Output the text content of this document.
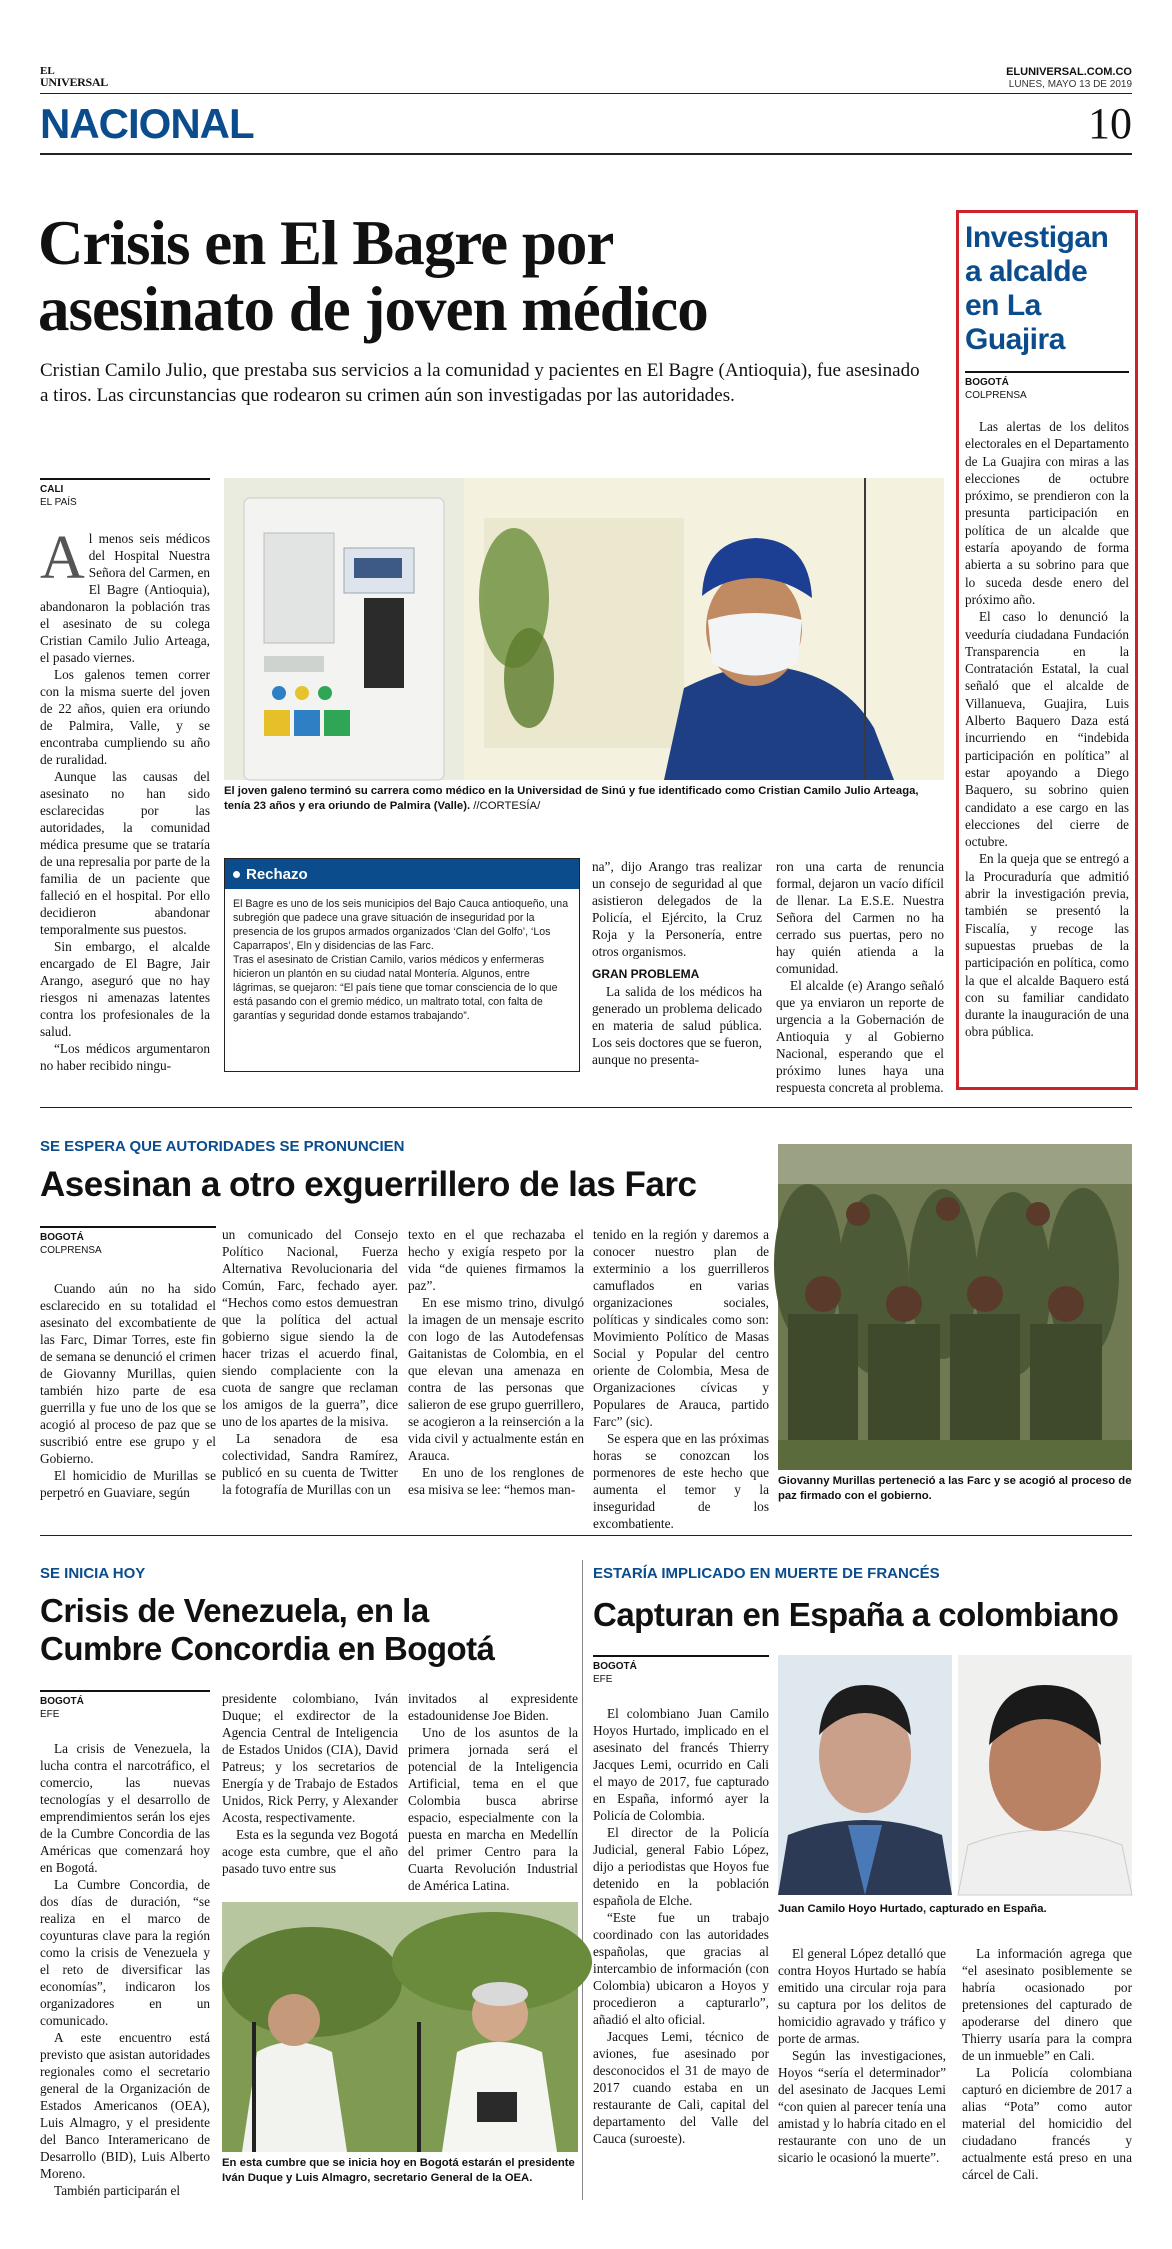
EL
UNIVERSAL
ELUNIVERSAL.COM.CO
LUNES, MAYO 13 DE 2019
NACIONAL	10
Crisis en El Bagre por
asesinato de joven médico

Cristian Camilo Julio, que prestaba sus servicios a la comunidad y pacientes en El Bagre (Antioquia), fue asesinado a tiros. Las circunstancias que rodearon su crimen aún son investigadas por las autoridades.

CALI
EL PAÍS
A l menos seis médicos del Hospital Nuestra Señora del Carmen, en El Bagre (Antioquia), abandonaron la población tras el asesinato de su colega Cristian Camilo Julio Arteaga, el pasado viernes.

Los galenos temen correr con la misma suerte del joven de 22 años, quien era oriundo de Palmira, Valle, y se encontraba cumpliendo su año de ruralidad.

Aunque las causas del asesinato no han sido esclarecidas por las autoridades, la comunidad médica presume que se trataría de una represalia por parte de la familia de un paciente que falleció en el hospital. Por ello decidieron abandonar temporalmente sus puestos.

Sin embargo, el alcalde encargado de El Bagre, Jair Arango, aseguró que no hay riesgos ni amenazas latentes contra los profesionales de la salud.

“Los médicos argumentaron no haber recibido ningu-

El joven galeno terminó su carrera como médico en la Universidad de Sinú y fue identificado como Cristian Camilo Julio Arteaga, tenía 23 años y era oriundo de Palmira (Valle). //CORTESÍA/
Rechazo

El Bagre es uno de los seis municipios del Bajo Cauca antioqueño, una subregión que padece una grave situación de inseguridad por la presencia de los grupos armados organizados ‘Clan del Golfo’, ‘Los Caparrapos’, Eln y disidencias de las Farc.

Tras el asesinato de Cristian Camilo, varios médicos y enfermeras hicieron un plantón en su ciudad natal Montería. Algunos, entre lágrimas, se quejaron: “El país tiene que tomar consciencia de lo que está pasando con el gremio médico, un maltrato total, con falta de garantías y seguridad donde estamos trabajando”.

na”, dijo Arango tras realizar un consejo de seguridad al que asistieron delegados de la Policía, el Ejército, la Cruz Roja y la Personería, entre otros organismos.

GRAN PROBLEMA

La salida de los médicos ha generado un problema delicado en materia de salud pública. Los seis doctores que se fueron, aunque no presenta-

ron una carta de renuncia formal, dejaron un vacío difícil de llenar. La E.S.E. Nuestra Señora del Carmen no ha cerrado sus puertas, pero no hay quién atienda a la comunidad.

El alcalde (e) Arango señaló que ya enviaron un reporte de urgencia a la Gobernación de Antioquia y al Gobierno Nacional, esperando que el próximo lunes haya una respuesta concreta al problema.

Investigan a alcalde en La Guajira
BOGOTÁ
COLPRENSA

Las alertas de los delitos electorales en el Departamento de La Guajira con miras a las elecciones de octubre próximo, se prendieron con la presunta participación en política de un alcalde que estaría apoyando de forma abierta a su sobrino para que lo suceda desde enero del próximo año.

El caso lo denunció la veeduría ciudadana Fundación Transparencia en la Contratación Estatal, la cual señaló que el alcalde de Villanueva, Guajira, Luis Alberto Baquero Daza está incurriendo en “indebida participación en política” al estar apoyando a Diego Baquero, su sobrino quien candidato a ese cargo en las elecciones del cierre de octubre.

En la queja que se entregó a la Procuraduría que admitió abrir la investigación previa, también se presentó la Fiscalía, y recoge las supuestas pruebas de la participación en política, como la que el alcalde Baquero está con su familiar candidato durante la inauguración de una obra pública.

SE ESPERA QUE AUTORIDADES SE PRONUNCIEN
Asesinan a otro exguerrillero de las Farc
BOGOTÁ
COLPRENSA

Cuando aún no ha sido esclarecido en su totalidad el asesinato del excombatiente de las Farc, Dimar Torres, este fin de semana se denunció el crimen de Giovanny Murillas, quien también hizo parte de esa guerrilla y fue uno de los que se acogió al proceso de paz que se suscribió entre ese grupo y el Gobierno.

El homicidio de Murillas se perpetró en Guaviare, según

un comunicado del Consejo Político Nacional, Fuerza Alternativa Revolucionaria del Común, Farc, fechado ayer. “Hechos como estos demuestran que la política del actual gobierno sigue siendo la de hacer trizas el acuerdo final, siendo complaciente con la cuota de sangre que reclaman los amigos de la guerra”, dice uno de los apartes de la misiva.

La senadora de esa colectividad, Sandra Ramírez, publicó en su cuenta de Twitter la fotografía de Murillas con un

texto en el que rechazaba el hecho y exigía respeto por la vida “de quienes firmamos la paz”.

En ese mismo trino, divulgó la imagen de un mensaje escrito con logo de las Autodefensas Gaitanistas de Colombia, en el que elevan una amenaza en contra de las personas que salieron de ese grupo guerrillero, se acogieron a la reinserción a la vida civil y actualmente están en Arauca.

En uno de los renglones de esa misiva se lee: “hemos man-

tenido en la región y daremos a conocer nuestro plan de exterminio a los guerrilleros camuflados en varias organizaciones sociales, políticas y sindicales como son: Movimiento Político de Masas Social y Popular del centro oriente de Colombia, Mesa de Organizaciones cívicas y Populares de Arauca, partido Farc” (sic).

Se espera que en las próximas horas se conozcan los pormenores de este hecho que aumenta el temor y la inseguridad de los excombatiente.

Giovanny Murillas perteneció a las Farc y se acogió al proceso de paz firmado con el gobierno.
SE INICIA HOY
Crisis de Venezuela, en la
Cumbre Concordia en Bogotá
BOGOTÁ
EFE

La crisis de Venezuela, la lucha contra el narcotráfico, el comercio, las nuevas tecnologías y el desarrollo de emprendimientos serán los ejes de la Cumbre Concordia de las Américas que comenzará hoy en Bogotá.

La Cumbre Concordia, de dos días de duración, “se realiza en el marco de coyunturas clave para la región como la crisis de Venezuela y el reto de diversificar las economías”, indicaron los organizadores en un comunicado.

A este encuentro está previsto que asistan autoridades regionales como el secretario general de la Organización de Estados Americanos (OEA), Luis Almagro, y el presidente del Banco Interamericano de Desarrollo (BID), Luis Alberto Moreno.

También participarán el

presidente colombiano, Iván Duque; el exdirector de la Agencia Central de Inteligencia de Estados Unidos (CIA), David Patreus; y los secretarios de Energía y de Trabajo de Estados Unidos, Rick Perry, y Alexander Acosta, respectivamente.

Esta es la segunda vez Bogotá acoge esta cumbre, que el año pasado tuvo entre sus

invitados al expresidente estadounidense Joe Biden.

Uno de los asuntos de la primera jornada será el potencial de la Inteligencia Artificial, tema en el que Colombia busca abrirse espacio, especialmente con la puesta en marcha en Medellín del primer Centro para la Cuarta Revolución Industrial de América Latina.

En esta cumbre que se inicia hoy en Bogotá estarán el presidente Iván Duque y Luis Almagro, secretario General de la OEA.
ESTARÍA IMPLICADO EN MUERTE DE FRANCÉS
Capturan en España a colombiano
BOGOTÁ
EFE

El colombiano Juan Camilo Hoyos Hurtado, implicado en el asesinato del francés Thierry Jacques Lemi, ocurrido en Cali el mayo de 2017, fue capturado en España, informó ayer la Policía de Colombia.

El director de la Policía Judicial, general Fabio López, dijo a periodistas que Hoyos fue detenido en la población española de Elche.

“Este fue un trabajo coordinado con las autoridades españolas, que gracias al intercambio de información (con Colombia) ubicaron a Hoyos y procedieron a capturarlo”, añadió el alto oficial.

Jacques Lemi, técnico de aviones, fue asesinado por desconocidos el 31 de mayo de 2017 cuando estaba en un restaurante de Cali, capital del departamento del Valle del Cauca (suroeste).

Juan Camilo Hoyo Hurtado, capturado en España.

El general López detalló que contra Hoyos Hurtado se había emitido una circular roja para su captura por los delitos de homicidio agravado y tráfico y porte de armas.

Según las investigaciones, Hoyos “sería el determinador” del asesinato de Jacques Lemi “con quien al parecer tenía una amistad y lo habría citado en el restaurante con uno de un sicario le ocasionó la muerte”.

La información agrega que “el asesinato posiblemente se habría ocasionado por pretensiones del capturado de apoderarse del dinero que Thierry usaría para la compra de un inmueble” en Cali.

La Policía colombiana capturó en diciembre de 2017 a alias “Pota” como autor material del homicidio del ciudadano francés y actualmente está preso en una cárcel de Cali.
